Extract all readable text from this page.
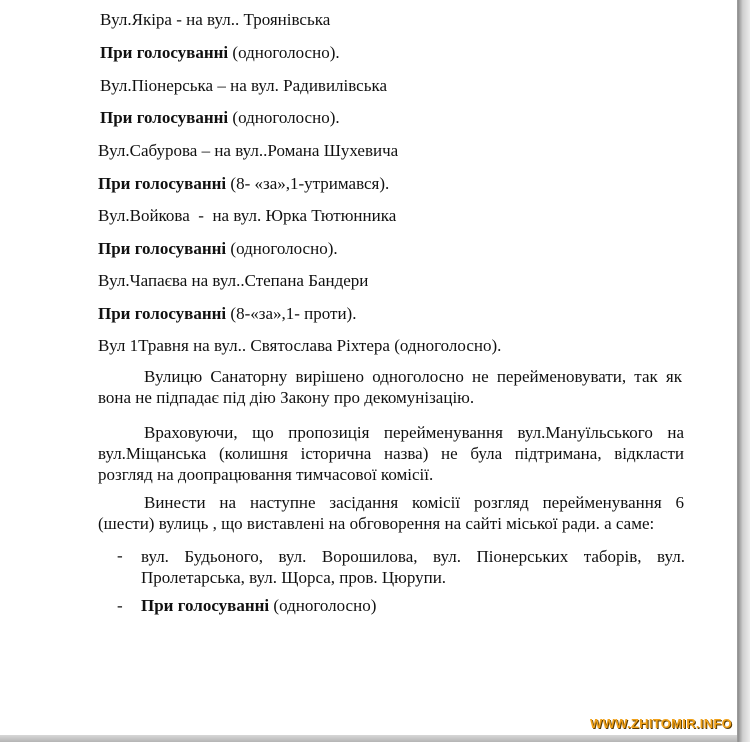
Вул.Якіра - на вул.. Троянівська

При голосуванні (одноголосно).

Вул.Піонерська – на вул. Радивилівська

При голосуванні (одноголосно).

Вул.Сабурова – на вул..Романа Шухевича

При голосуванні (8- «за»,1-утримався).

Вул.Войкова  -  на вул. Юрка Тютюнника

При голосуванні (одноголосно).

Вул.Чапаєва на вул..Степана Бандери

При голосуванні (8-«за»,1- проти).

Вул 1Травня на вул.. Святослава Ріхтера (одноголосно).

Вулицю Санаторну вирішено одноголосно не перейменовувати, так як
вона не підпадає під дію Закону про декомунізацію.
Враховуючи, що пропозиція перейменування вул.Мануїльського на
вул.Міщанська (колишня історична назва) не була підтримана, відкласти
розгляд на доопрацювання тимчасової комісії.
Винести на наступне засідання комісії розгляд перейменування 6
(шести) вулиць , що виставлені на обговорення на сайті міської ради. а саме:
- вул. Будьоного, вул. Ворошилова, вул. Піонерських таборів, вул.
Пролетарська, вул. Щорса, пров. Цюрупи.
- При голосуванні (одноголосно)

WWW.ZHITOMIR.INFO
